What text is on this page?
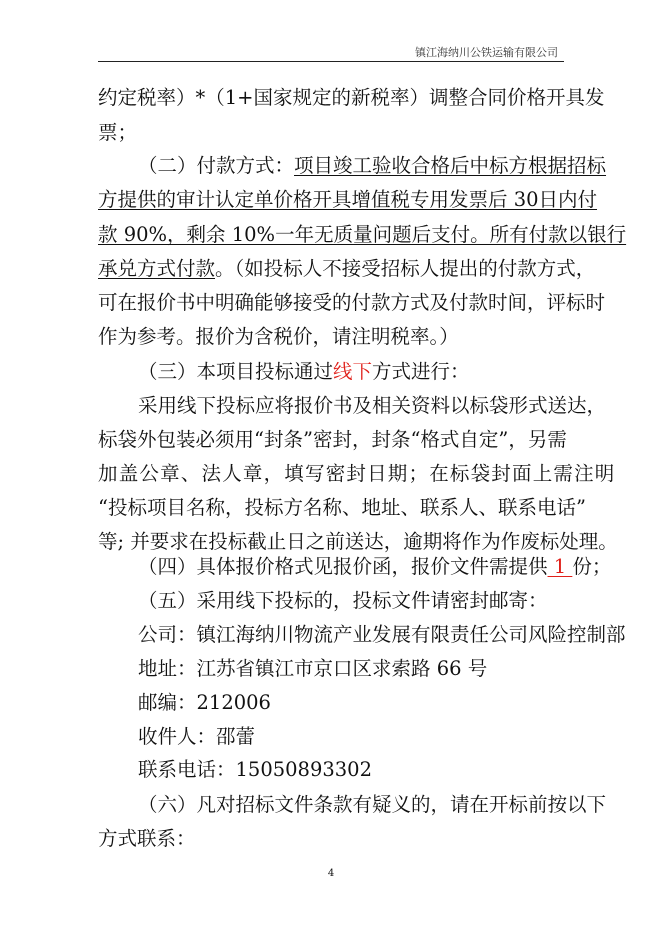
镇江海纳川公铁运输有限公司
约定税率）*（1+国家规定的新税率）调整合同价格开具发
票；
（二）付款方式：项目竣工验收合格后中标方根据招标
方提供的审计认定单价格开具增值税专用发票后 30日内付
款 90%，剩余 10%一年无质量问题后支付。所有付款以银行
承兑方式付款。（如投标人不接受招标人提出的付款方式，
可在报价书中明确能够接受的付款方式及付款时间，评标时
作为参考。报价为含税价，请注明税率。）
（三）本项目投标通过线下方式进行：
采用线下投标应将报价书及相关资料以标袋形式送达，
标袋外包装必须用“封条”密封，封条“格式自定”，另需
加盖公章、法人章，填写密封日期；在标袋封面上需注明
“投标项目名称，投标方名称、地址、联系人、联系电话”
等; 并要求在投标截止日之前送达，逾期将作为作废标处理。
（四）具体报价格式见报价函，报价文件需提供 1 份；
（五）采用线下投标的，投标文件请密封邮寄：
公司：镇江海纳川物流产业发展有限责任公司风险控制部
地址：江苏省镇江市京口区求索路 66 号
邮编：212006
收件人：邵蕾
联系电话：15050893302
（六）凡对招标文件条款有疑义的，请在开标前按以下
方式联系：
4
